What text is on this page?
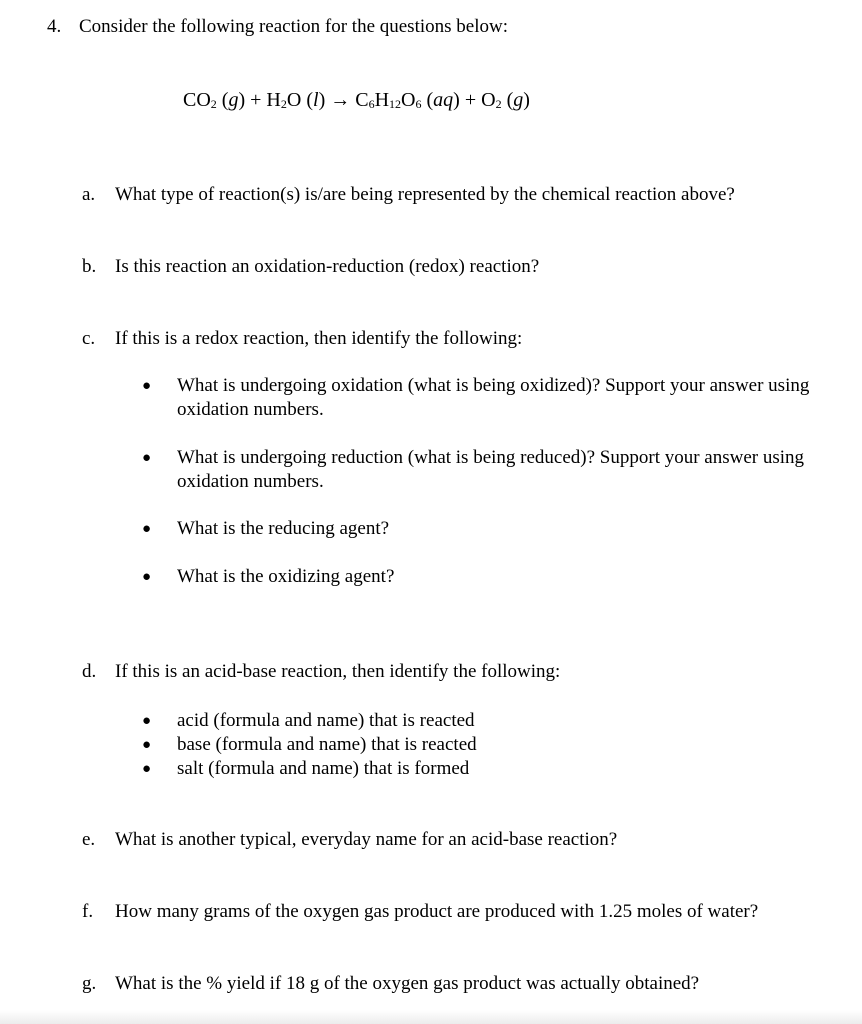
4. Consider the following reaction for the questions below:
$CO_2$ $(g) + H_2O$ $(l) \to C_6H_{12}O_6$ $(aq) + O_2$ (g)
a. What type of reaction(s) is/are being represented by the chemical reaction above?
b. Is this reaction an oxidation-reduction (redox) reaction?
c. If this is a redox reaction, then identify the following:
● What is undergoing oxidation (what is being oxidized)? Support your answer using oxidation numbers.
● What is undergoing reduction (what is being reduced)? Support your answer using oxidation numbers.
● What is the reducing agent?
● What is the oxidizing agent?
d. If this is an acid-base reaction, then identify the following:
● acid (formula and name) that is reacted
● base (formula and name) that is reacted
● salt (formula and name) that is formed
e. What is another typical, everyday name for an acid-base reaction?
f. How many grams of the oxygen gas product are produced with 1.25 moles of water?
g. What is the % yield if 18 g of the oxygen gas product was actually obtained?
